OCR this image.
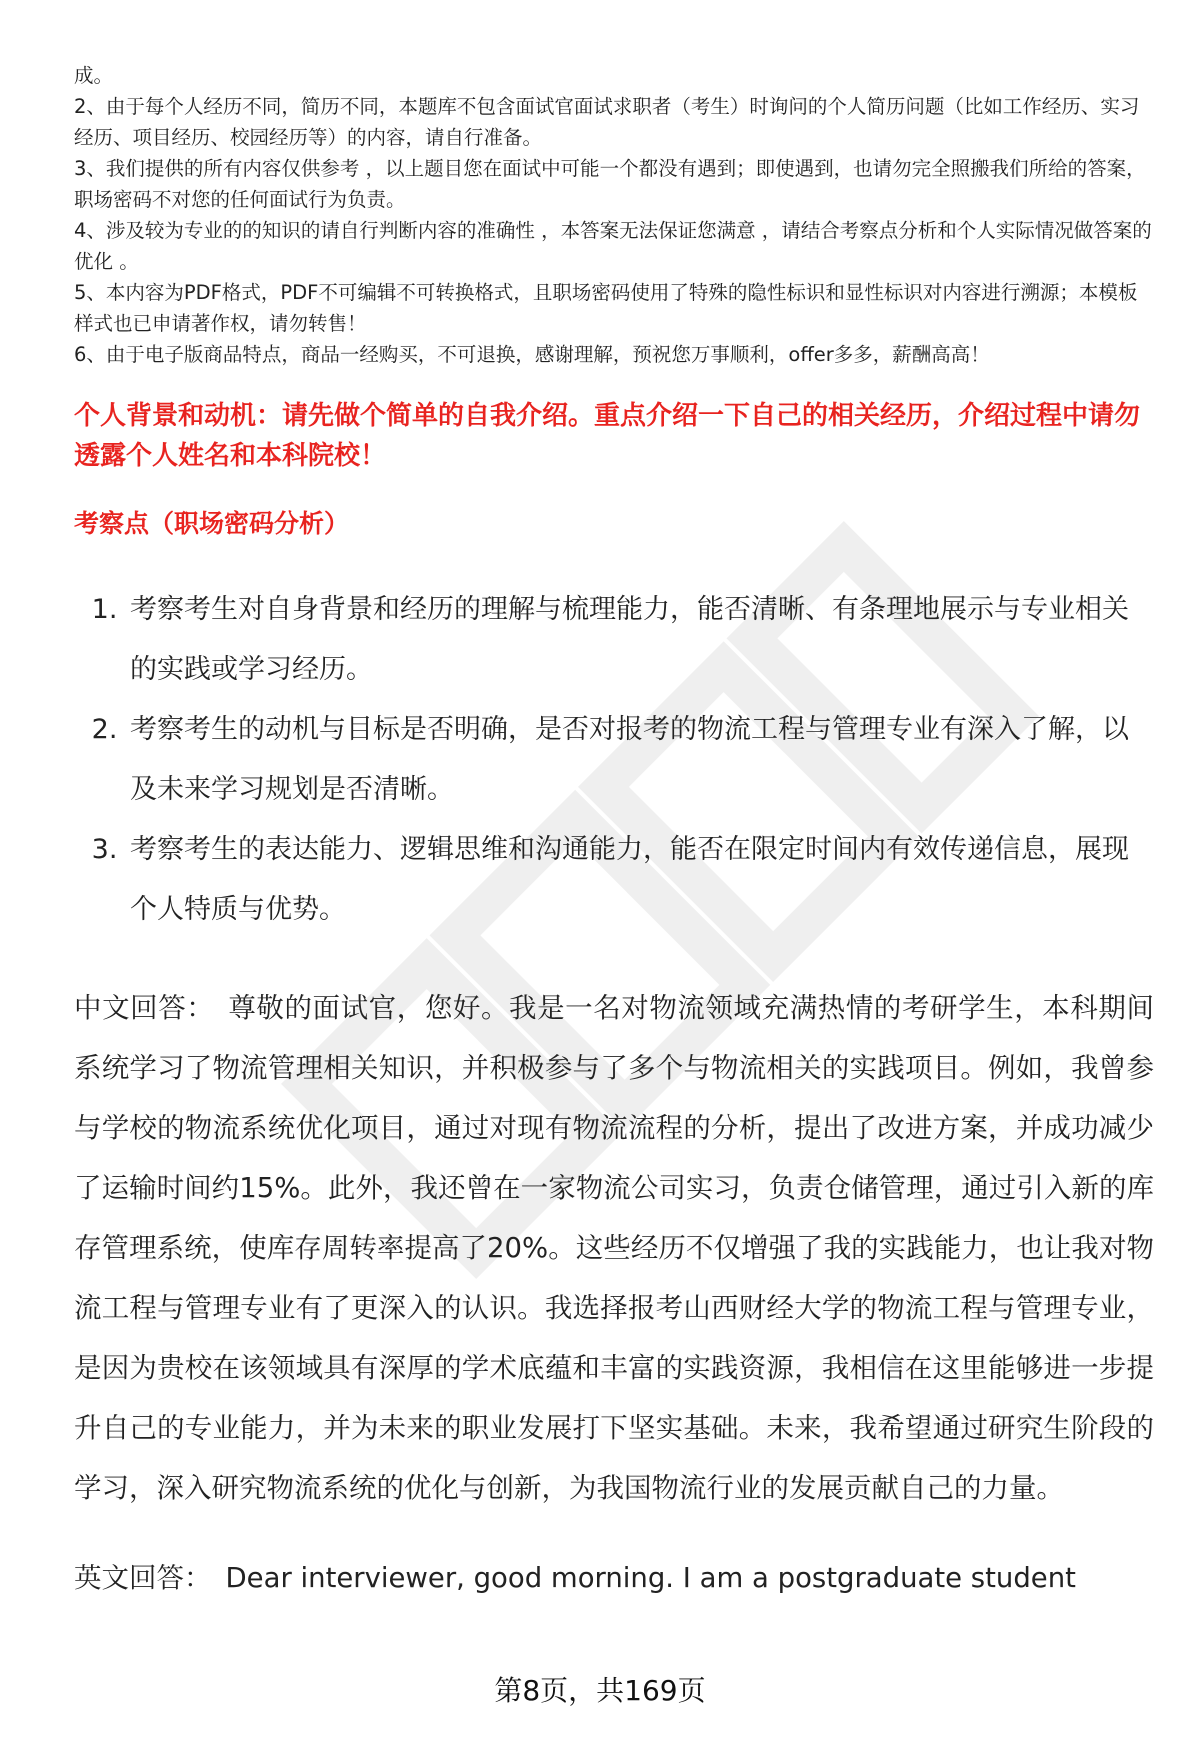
成。

2、由于每个人经历不同，简历不同，本题库不包含面试官面试求职者（考生）时询问的个人简历问题（比如工作经历、实习经历、项目经历、校园经历等）的内容，请自行准备。

3、我们提供的所有内容仅供参考 ，以上题目您在面试中可能一个都没有遇到；即使遇到，也请勿完全照搬我们所给的答案，职场密码不对您的任何面试行为负责。

4、涉及较为专业的的知识的请自行判断内容的准确性 ，本答案无法保证您满意 ，请结合考察点分析和个人实际情况做答案的优化 。

5、本内容为PDF格式，PDF不可编辑不可转换格式，且职场密码使用了特殊的隐性标识和显性标识对内容进行溯源；本模板样式也已申请著作权，请勿转售！

6、由于电子版商品特点，商品一经购买，不可退换，感谢理解，预祝您万事顺利，offer多多，薪酬高高！

个人背景和动机：请先做个简单的自我介绍。重点介绍一下自己的相关经历，介绍过程中请勿透露个人姓名和本科院校！
考察点（职场密码分析）
1. 考察考生对自身背景和经历的理解与梳理能力，能否清晰、有条理地展示与专业相关的实践或学习经历。
2. 考察考生的动机与目标是否明确，是否对报考的物流工程与管理专业有深入了解，以及未来学习规划是否清晰。
3. 考察考生的表达能力、逻辑思维和沟通能力，能否在限定时间内有效传递信息，展现个人特质与优势。
中文回答： 尊敬的面试官，您好。我是一名对物流领域充满热情的考研学生，本科期间系统学习了物流管理相关知识，并积极参与了多个与物流相关的实践项目。例如，我曾参与学校的物流系统优化项目，通过对现有物流流程的分析，提出了改进方案，并成功减少了运输时间约15%。此外，我还曾在一家物流公司实习，负责仓储管理，通过引入新的库存管理系统，使库存周转率提高了20%。这些经历不仅增强了我的实践能力，也让我对物流工程与管理专业有了更深入的认识。我选择报考山西财经大学的物流工程与管理专业，是因为贵校在该领域具有深厚的学术底蕴和丰富的实践资源，我相信在这里能够进一步提升自己的专业能力，并为未来的职业发展打下坚实基础。未来，我希望通过研究生阶段的学习，深入研究物流系统的优化与创新，为我国物流行业的发展贡献自己的力量。
英文回答： Dear interviewer, good morning. I am a postgraduate student
第8页，共169页
